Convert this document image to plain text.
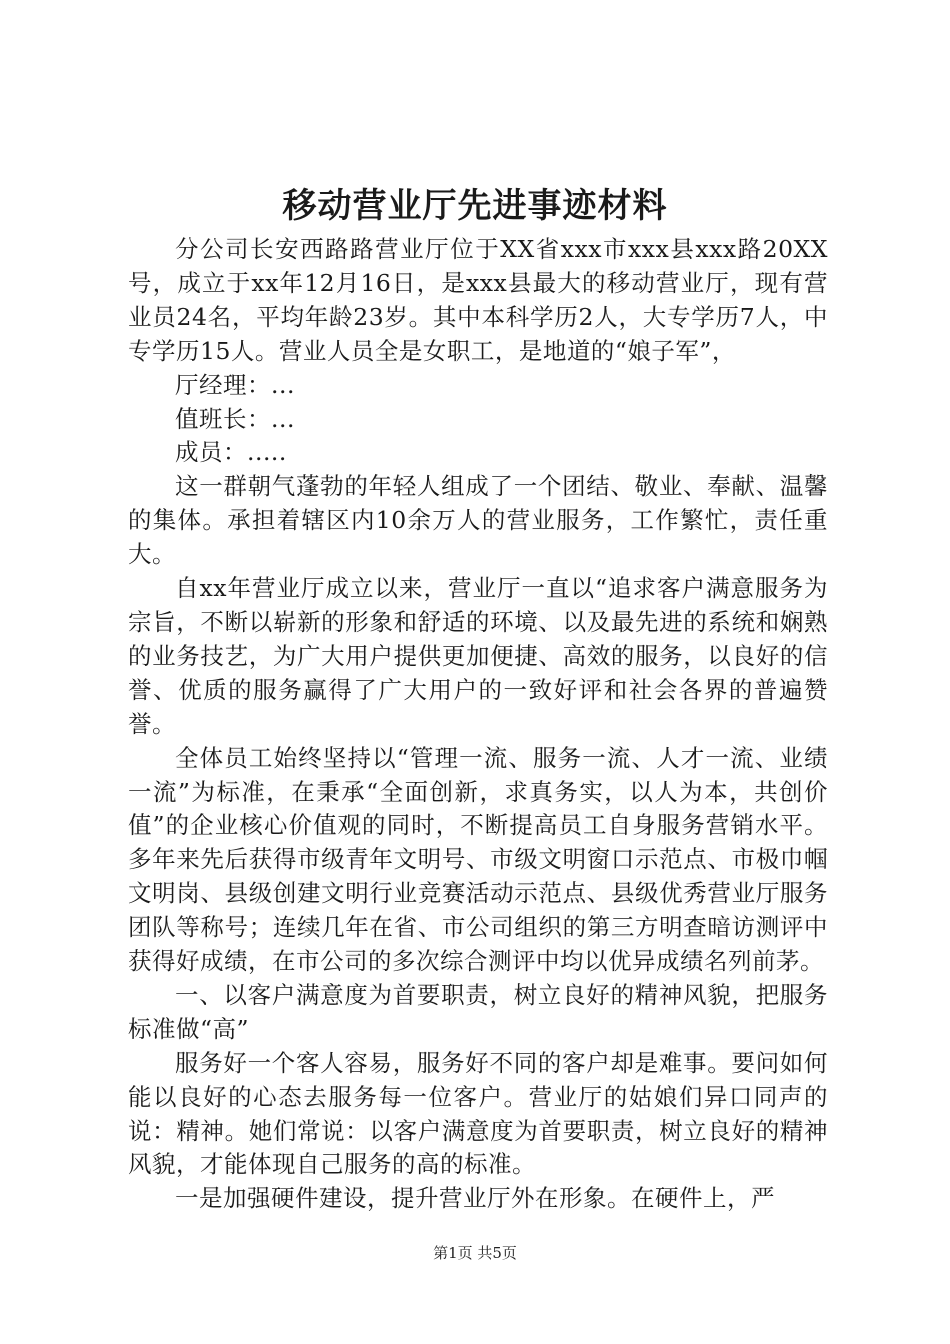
移动营业厅先进事迹材料

分公司长安西路路营业厅位于XX省xxx市xxx县xxx路20XX号，成立于xx年12月16日，是xxx县最大的移动营业厅，现有营业员24名，平均年龄23岁。其中本科学历2人，大专学历7人，中专学历15人。营业人员全是女职工，是地道的“娘子军”，

厅经理：...

值班长：...

成员：.....

这一群朝气蓬勃的年轻人组成了一个团结、敬业、奉献、温馨的集体。承担着辖区内10余万人的营业服务，工作繁忙，责任重大。

自xx年营业厅成立以来，营业厅一直以“追求客户满意服务为宗旨，不断以崭新的形象和舒适的环境、以及最先进的系统和娴熟的业务技艺，为广大用户提供更加便捷、高效的服务，以良好的信誉、优质的服务赢得了广大用户的一致好评和社会各界的普遍赞誉。

全体员工始终坚持以“管理一流、服务一流、人才一流、业绩一流”为标准，在秉承“全面创新，求真务实，以人为本，共创价值”的企业核心价值观的同时，不断提高员工自身服务营销水平。多年来先后获得市级青年文明号、市级文明窗口示范点、市极巾帼文明岗、县级创建文明行业竞赛活动示范点、县级优秀营业厅服务团队等称号；连续几年在省、市公司组织的第三方明查暗访测评中获得好成绩，在市公司的多次综合测评中均以优异成绩名列前茅。

一、以客户满意度为首要职责，树立良好的精神风貌，把服务标准做“高”

服务好一个客人容易，服务好不同的客户却是难事。要问如何能以良好的心态去服务每一位客户。营业厅的姑娘们异口同声的说：精神。她们常说：以客户满意度为首要职责，树立良好的精神风貌，才能体现自己服务的高的标准。

一是加强硬件建设，提升营业厅外在形象。在硬件上，严

第1页 共5页
